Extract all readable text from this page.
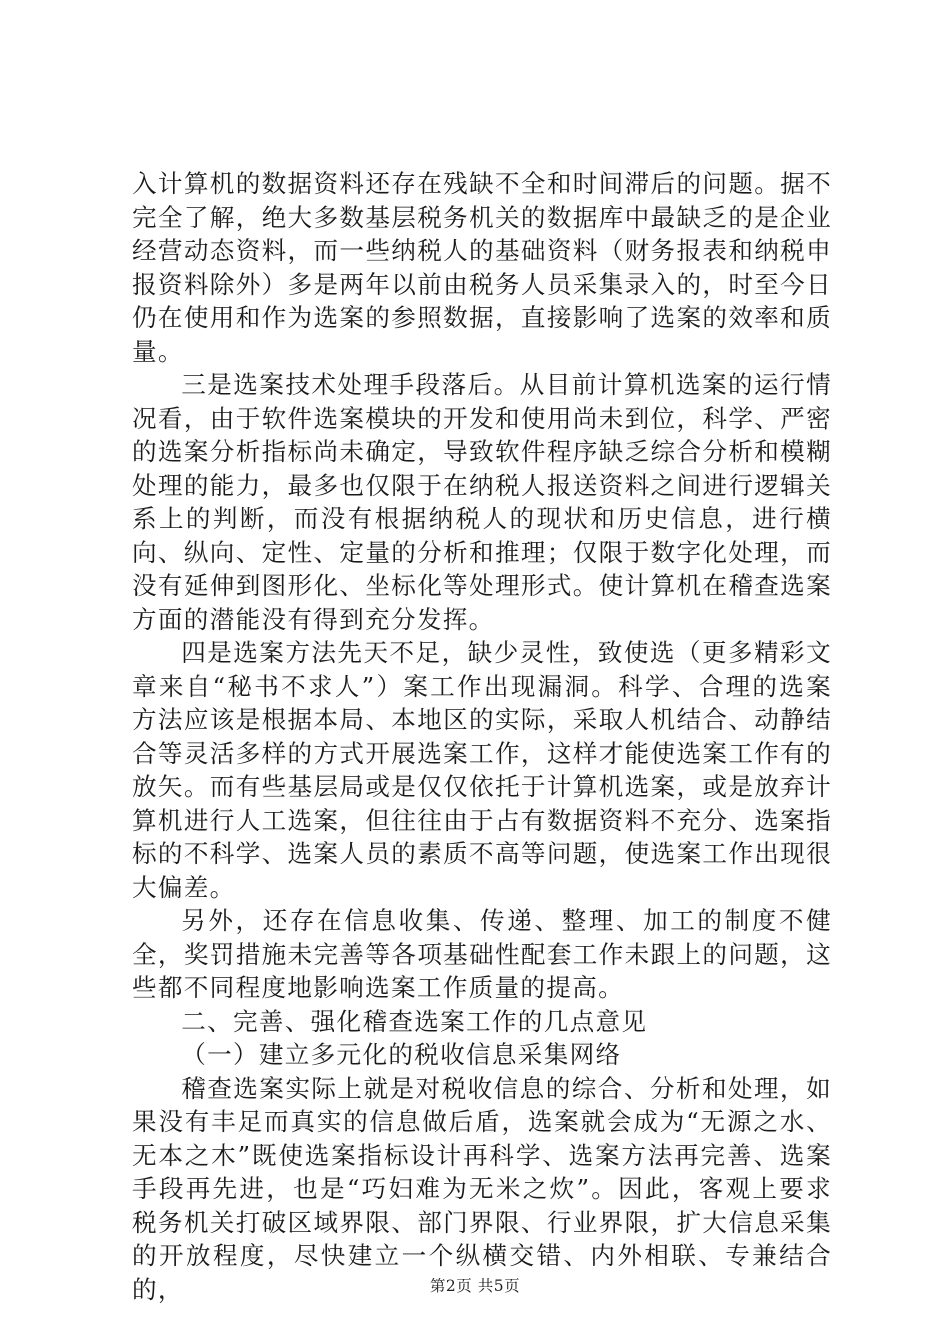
入计算机的数据资料还存在残缺不全和时间滞后的问题。据不完全了解，绝大多数基层税务机关的数据库中最缺乏的是企业经营动态资料，而一些纳税人的基础资料（财务报表和纳税申报资料除外）多是两年以前由税务人员采集录入的，时至今日仍在使用和作为选案的参照数据，直接影响了选案的效率和质量。

三是选案技术处理手段落后。从目前计算机选案的运行情况看，由于软件选案模块的开发和使用尚未到位，科学、严密的选案分析指标尚未确定，导致软件程序缺乏综合分析和模糊处理的能力，最多也仅限于在纳税人报送资料之间进行逻辑关系上的判断，而没有根据纳税人的现状和历史信息，进行横向、纵向、定性、定量的分析和推理；仅限于数字化处理，而没有延伸到图形化、坐标化等处理形式。使计算机在稽查选案方面的潜能没有得到充分发挥。

四是选案方法先天不足，缺少灵性，致使选（更多精彩文章来自“秘书不求人”）案工作出现漏洞。科学、合理的选案方法应该是根据本局、本地区的实际，采取人机结合、动静结合等灵活多样的方式开展选案工作，这样才能使选案工作有的放矢。而有些基层局或是仅仅依托于计算机选案，或是放弃计算机进行人工选案，但往往由于占有数据资料不充分、选案指标的不科学、选案人员的素质不高等问题，使选案工作出现很大偏差。

另外，还存在信息收集、传递、整理、加工的制度不健全，奖罚措施未完善等各项基础性配套工作未跟上的问题，这些都不同程度地影响选案工作质量的提高。

二、完善、强化稽查选案工作的几点意见

（一）建立多元化的税收信息采集网络

稽查选案实际上就是对税收信息的综合、分析和处理，如果没有丰足而真实的信息做后盾，选案就会成为“无源之水、无本之木”既使选案指标设计再科学、选案方法再完善、选案手段再先进，也是“巧妇难为无米之炊”。因此，客观上要求税务机关打破区域界限、部门界限、行业界限，扩大信息采集的开放程度，尽快建立一个纵横交错、内外相联、专兼结合的，	第2页 共5页
